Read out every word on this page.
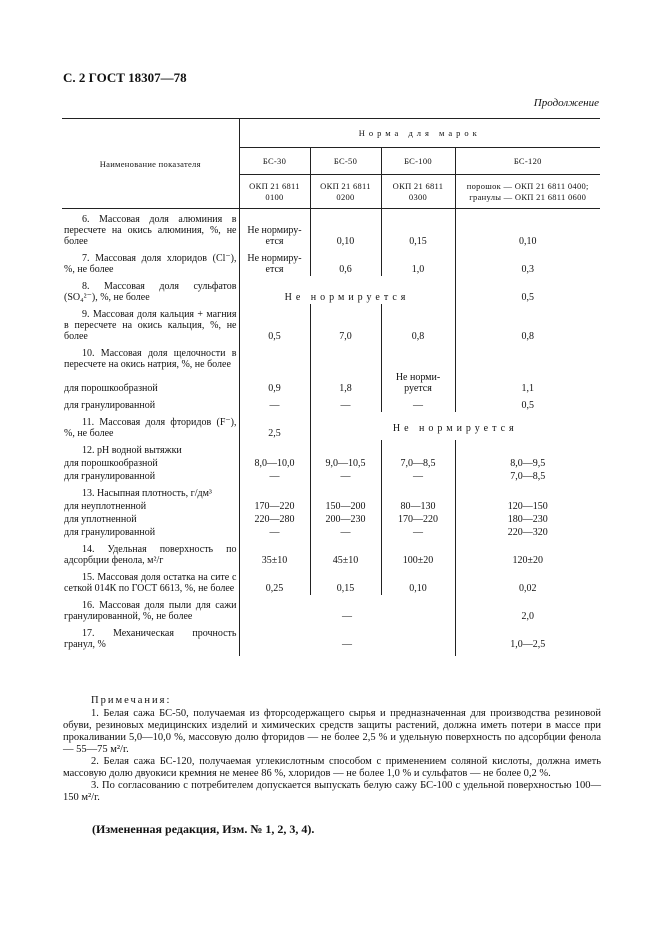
С. 2 ГОСТ 18307—78
Продолжение
Наименование показателя	Норма для марок			
	БС-30	БС-50	БС-100	БС-120
	ОКП 21 6811 0100	ОКП 21 6811 0200	ОКП 21 6811 0300	порошок — ОКП 21 6811 0400; гранулы — ОКП 21 6811 0600
6. Массовая доля алюминия в пересчете на окись алюминия, %, не более	Не нормиру-ется	0,10	0,15	0,10
7. Массовая доля хлоридов (Cl⁻), %, не более	Не нормиру-ется	0,6	1,0	0,3
8. Массовая доля сульфатов (SO₄²⁻), %, не более	Не нормируется			0,5
9. Массовая доля кальция + магния в пересчете на окись кальция, %, не более	0,5	7,0	0,8	0,8
10. Массовая доля щелочности в пересчете на окись натрия, %, не более				
для порошкообразной	0,9	1,8	Не норми-руется	1,1
для гранулированной	—	—	—	0,5
11. Массовая доля фторидов (F⁻), %, не более	2,5	Не нормируется		
12. pH водной вытяжки				
для порошкообразной	8,0—10,0	9,0—10,5	7,0—8,5	8,0—9,5
для гранулированной	—	—	—	7,0—8,5
13. Насыпная плотность, г/дм³				
для неуплотненной	170—220	150—200	80—130	120—150
для уплотненной	220—280	200—230	170—220	180—230
для гранулированной	—	—	—	220—320
14. Удельная поверхность по адсорбции фенола, м²/г	35±10	45±10	100±20	120±20
15. Массовая доля остатка на сите с сеткой 014К по ГОСТ 6613, %, не более	0,25	0,15	0,10	0,02
16. Массовая доля пыли для сажи гранулированной, %, не более	—			2,0
17. Механическая прочность гранул, %	—			1,0—2,5
Примечания:

1. Белая сажа БС-50, получаемая из фторсодержащего сырья и предназначенная для производства резиновой обуви, резиновых медицинских изделий и химических средств защиты растений, должна иметь потери в массе при прокаливании 5,0—10,0 %, массовую долю фторидов — не более 2,5 % и удельную поверхность по адсорбции фенола — 55—75 м²/г.

2. Белая сажа БС-120, получаемая углекислотным способом с применением соляной кислоты, должна иметь массовую долю двуокиси кремния не менее 86 %, хлоридов — не более 1,0 % и сульфатов — не более 0,2 %.

3. По согласованию с потребителем допускается выпускать белую сажу БС-100 с удельной поверхностью 100—150 м²/г.

(Измененная редакция, Изм. № 1, 2, 3, 4).
